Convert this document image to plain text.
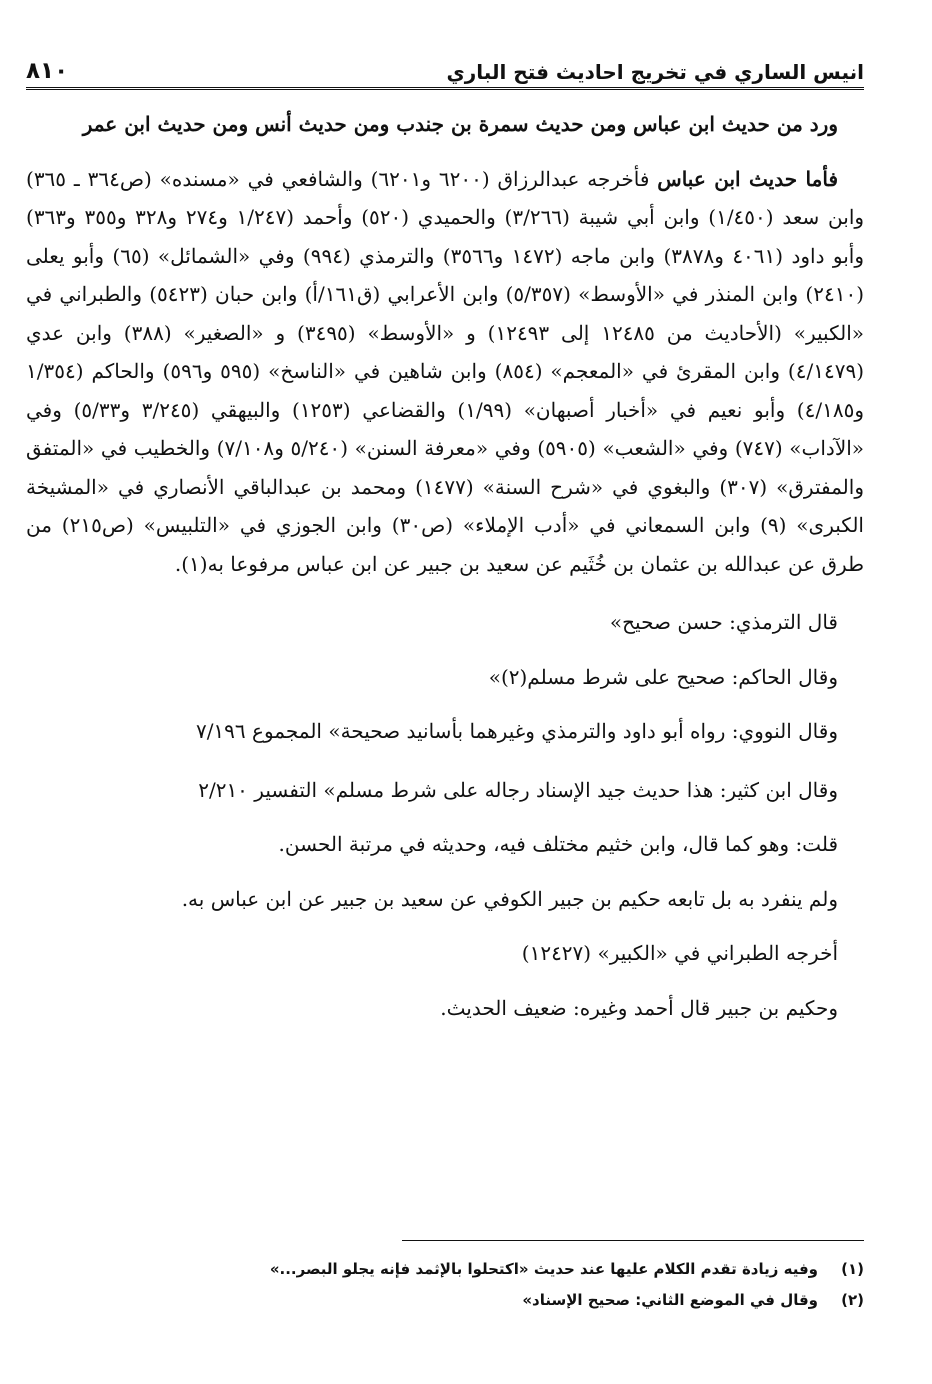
انيس الساري في تخريج احاديث فتح الباري
٨١٠

ورد من حديث ابن عباس ومن حديث سمرة بن جندب ومن حديث أنس ومن حديث ابن عمر

فأما حديث ابن عباس فأخرجه عبدالرزاق (٦٢٠٠ و٦٢٠١) والشافعي في «مسنده» (ص٣٦٤ ـ ٣٦٥) وابن سعد (١/٤٥٠) وابن أبي شيبة (٣/٢٦٦) والحميدي (٥٢٠) وأحمد (١/٢٤٧ و٢٧٤ و٣٢٨ و٣٥٥ و٣٦٣) وأبو داود (٤٠٦١ و٣٨٧٨) وابن ماجه (١٤٧٢ و٣٥٦٦) والترمذي (٩٩٤) وفي «الشمائل» (٦٥) وأبو يعلى (٢٤١٠) وابن المنذر في «الأوسط» (٥/٣٥٧) وابن الأعرابي (ق١٦١/أ) وابن حبان (٥٤٢٣) والطبراني في «الكبير» (الأحاديث من ١٢٤٨٥ إلى ١٢٤٩٣) و «الأوسط» (٣٤٩٥) و «الصغير» (٣٨٨) وابن عدي (٤/١٤٧٩) وابن المقرئ في «المعجم» (٨٥٤) وابن شاهين في «الناسخ» (٥٩٥ و٥٩٦) والحاكم (١/٣٥٤ و٤/١٨٥) وأبو نعيم في «أخبار أصبهان» (١/٩٩) والقضاعي (١٢٥٣) والبيهقي (٣/٢٤٥ و٥/٣٣) وفي «الآداب» (٧٤٧) وفي «الشعب» (٥٩٠٥) وفي «معرفة السنن» (٥/٢٤٠ و٧/١٠٨) والخطيب في «المتفق والمفترق» (٣٠٧) والبغوي في «شرح السنة» (١٤٧٧) ومحمد بن عبدالباقي الأنصاري في «المشيخة الكبرى» (٩) وابن السمعاني في «أدب الإملاء» (ص٣٠) وابن الجوزي في «التلبيس» (ص٢١٥) من طرق عن عبدالله بن عثمان بن خُثَيم عن سعيد بن جبير عن ابن عباس مرفوعا به(١).

قال الترمذي: حسن صحيح»

وقال الحاكم: صحيح على شرط مسلم(٢)»

وقال النووي: رواه أبو داود والترمذي وغيرهما بأسانيد صحيحة» المجموع ٧/١٩٦

وقال ابن كثير: هذا حديث جيد الإسناد رجاله على شرط مسلم» التفسير ٢/٢١٠

قلت: وهو كما قال، وابن خثيم مختلف فيه، وحديثه في مرتبة الحسن.

ولم ينفرد به بل تابعه حكيم بن جبير الكوفي عن سعيد بن جبير عن ابن عباس به.

أخرجه الطبراني في «الكبير» (١٢٤٢٧)

وحكيم بن جبير قال أحمد وغيره: ضعيف الحديث.

(١)
وفيه زيادة تقدم الكلام عليها عند حديث «اكتحلوا بالإثمد فإنه يجلو البصر...»
(٢)
وقال في الموضع الثاني: صحيح الإسناد»
